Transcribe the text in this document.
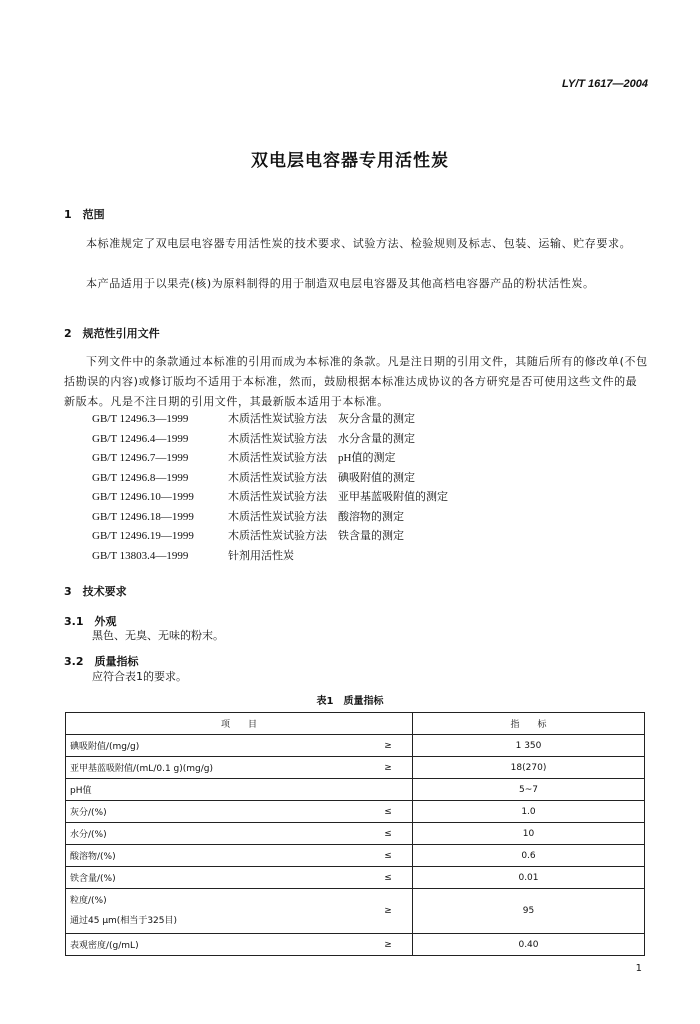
LY/T 1617—2004
双电层电容器专用活性炭
1　范围
本标准规定了双电层电容器专用活性炭的技术要求、试验方法、检验规则及标志、包装、运输、贮存要求。
本产品适用于以果壳(核)为原料制得的用于制造双电层电容器及其他高档电容器产品的粉状活性炭。
2　规范性引用文件
下列文件中的条款通过本标准的引用而成为本标准的条款。凡是注日期的引用文件，其随后所有的修改单(不包括勘误的内容)或修订版均不适用于本标准，然而，鼓励根据本标准达成协议的各方研究是否可使用这些文件的最新版本。凡是不注日期的引用文件，其最新版本适用于本标准。
GB/T 12496.3—1999	木质活性炭试验方法　灰分含量的测定
GB/T 12496.4—1999	木质活性炭试验方法　水分含量的测定
GB/T 12496.7—1999	木质活性炭试验方法　pH值的测定
GB/T 12496.8—1999	木质活性炭试验方法　碘吸附值的测定
GB/T 12496.10—1999	木质活性炭试验方法　亚甲基蓝吸附值的测定
GB/T 12496.18—1999	木质活性炭试验方法　酸溶物的测定
GB/T 12496.19—1999	木质活性炭试验方法　铁含量的测定
GB/T 13803.4—1999	针剂用活性炭
3　技术要求
3.1　外观
黑色、无臭、无味的粉末。
3.2　质量指标
应符合表1的要求。
表1　质量指标
项　　目		指　　标
碘吸附值/(mg/g)	≥	1 350
亚甲基蓝吸附值/(mL/0.1 g)(mg/g)	≥	18(270)
pH值		5~7
灰分/(%)	≤	1.0
水分/(%)	≤	10
酸溶物/(%)	≤	0.6
铁含量/(%)	≤	0.01
粒度/(%)
通过45 μm(相当于325目)	≥	95
表观密度/(g/mL)	≥	0.40
1
